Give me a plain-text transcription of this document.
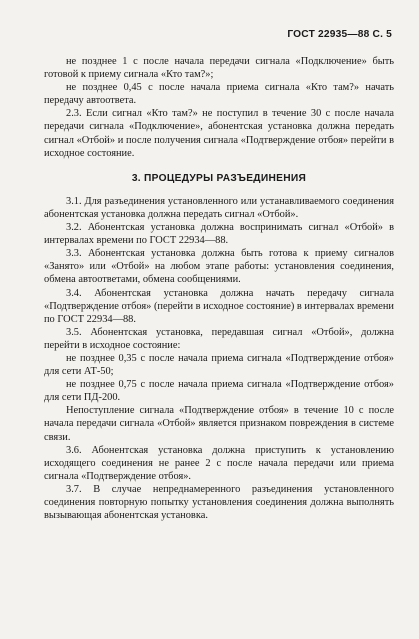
ГОСТ 22935—88 С. 5

не позднее 1 с после начала передачи сигнала «Подключение» быть готовой к приему сигнала «Кто там?»;

не позднее 0,45 с после начала приема сигнала «Кто там?» начать передачу автоответа.

2.3. Если сигнал «Кто там?» не поступил в течение 30 с после начала передачи сигнала «Подключение», абонентская установка должна передать сигнал «Отбой» и после получения сигнала «Подтверждение отбоя» перейти в исходное состояние.

3. ПРОЦЕДУРЫ РАЗЪЕДИНЕНИЯ

3.1. Для разъединения установленного или устанавливаемого соединения абонентская установка должна передать сигнал «Отбой».

3.2. Абонентская установка должна воспринимать сигнал «Отбой» в интервалах времени по ГОСТ 22934—88.

3.3. Абонентская установка должна быть готова к приему сигналов «Занято» или «Отбой» на любом этапе работы: установления соединения, обмена автоответами, обмена сообщениями.

3.4. Абонентская установка должна начать передачу сигнала «Подтверждение отбоя» (перейти в исходное состояние) в интервалах времени по ГОСТ 22934—88.

3.5. Абонентская установка, передавшая сигнал «Отбой», должна перейти в исходное состояние:

не позднее 0,35 с после начала приема сигнала «Подтверждение отбоя» для сети АТ-50;

не позднее 0,75 с после начала приема сигнала «Подтверждение отбоя» для сети ПД-200.

Непоступление сигнала «Подтверждение отбоя» в течение 10 с после начала передачи сигнала «Отбой» является признаком повреждения в системе связи.

3.6. Абонентская установка должна приступить к установлению исходящего соединения не ранее 2 с после начала передачи или приема сигнала «Подтверждение отбоя».

3.7. В случае непреднамеренного разъединения установленного соединения повторную попытку установления соединения должна выполнять вызывающая абонентская установка.
